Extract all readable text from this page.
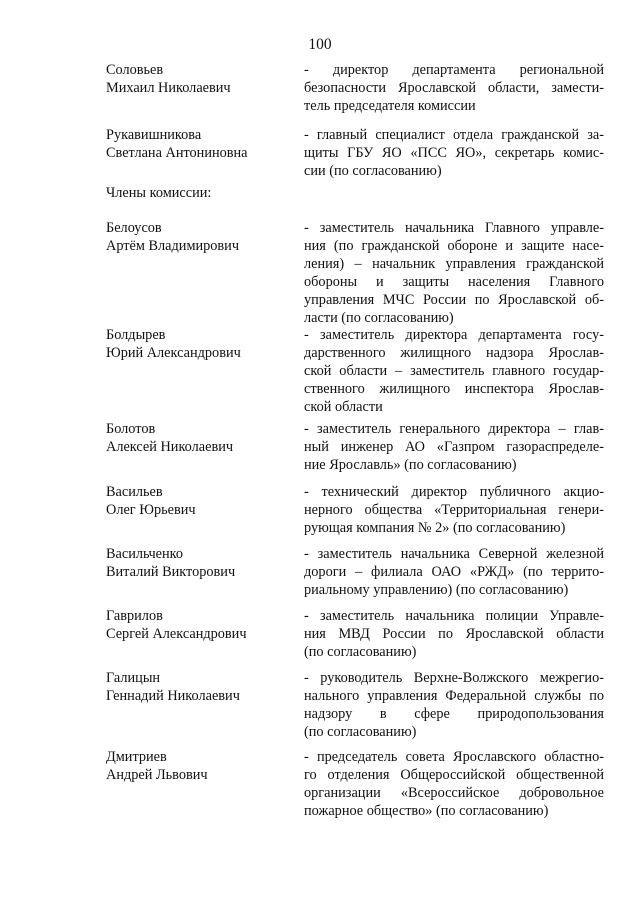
100
Члены комиссии:
Соловьев
Михаил Николаевич
- директор департамента региональной
безопасности Ярославской области, замести-
тель председателя комиссии
Рукавишникова
Светлана Антониновна
- главный специалист отдела гражданской за-
щиты ГБУ ЯО «ПСС ЯО», секретарь комис-
сии (по согласованию)
Белоусов
Артём Владимирович
- заместитель начальника Главного управле-
ния (по гражданской обороне и защите насе-
ления) – начальник управления гражданской
обороны и защиты населения Главного
управления МЧС России по Ярославской об-
ласти (по согласованию)
Болдырев
Юрий Александрович
- заместитель директора департамента госу-
дарственного жилищного надзора Ярослав-
ской области – заместитель главного государ-
ственного жилищного инспектора Ярослав-
ской области
Болотов
Алексей Николаевич
- заместитель генерального директора – глав-
ный инженер АО «Газпром газораспределе-
ние Ярославль» (по согласованию)
Васильев
Олег Юрьевич
- технический директор публичного акцио-
нерного общества «Территориальная генери-
рующая компания № 2» (по согласованию)
Васильченко
Виталий Викторович
- заместитель начальника Северной железной
дороги – филиала ОАО «РЖД» (по террито-
риальному управлению) (по согласованию)
Гаврилов
Сергей Александрович
- заместитель начальника полиции Управле-
ния МВД России по Ярославской области
(по согласованию)
Галицын
Геннадий Николаевич
- руководитель Верхне-Волжского межрегио-
нального управления Федеральной службы по
надзору в сфере природопользования
(по согласованию)
Дмитриев
Андрей Львович
- председатель совета Ярославского областно-
го отделения Общероссийской общественной
организации «Всероссийское добровольное
пожарное общество» (по согласованию)
